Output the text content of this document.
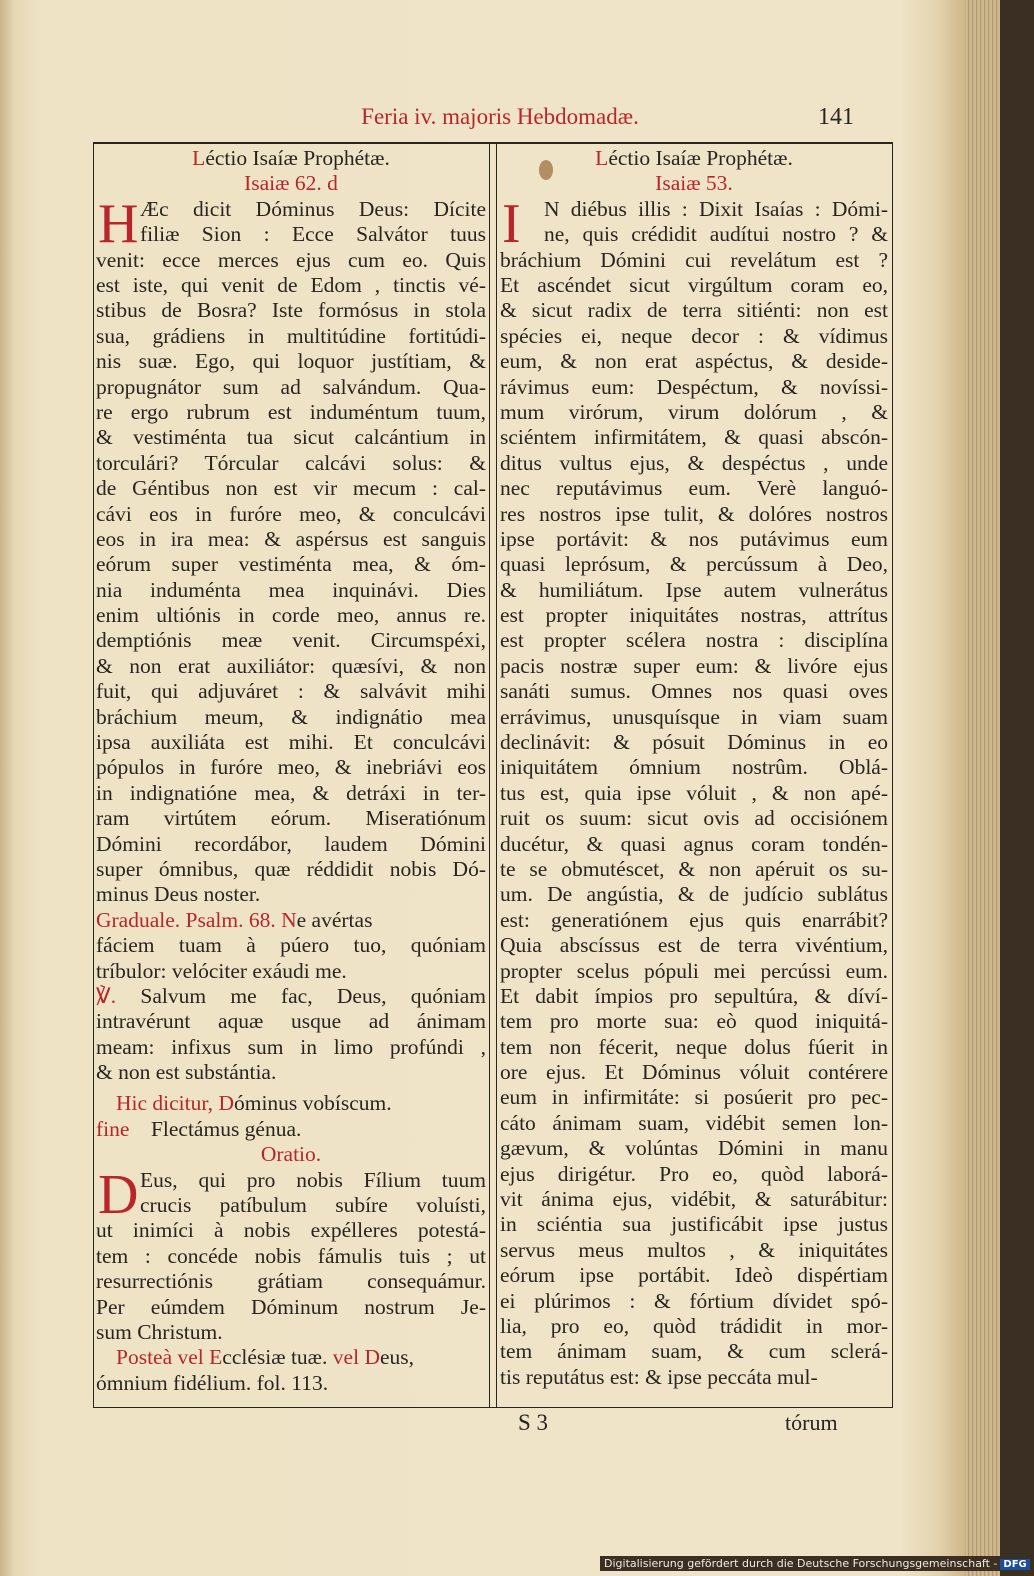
Feria iv. majoris Hebdomadæ.	141
Léctio Isaíæ Prophétæ.
Isaiæ 62. d
H Æc dicit Dóminus Deus: Dícite
filiæ Sion : Ecce Salvátor tuus
venit: ecce merces ejus cum eo. Quis
est iste, qui venit de Edom , tinctis vé-
stibus de Bosra? Iste formósus in stola
sua, grádiens in multitúdine fortitúdi-
nis suæ. Ego, qui loquor justítiam, &
propugnátor sum ad salvándum. Qua-
re ergo rubrum est induméntum tuum,
& vestiménta tua sicut calcántium in
torculári? Tórcular calcávi solus: &
de Géntibus non est vir mecum : cal-
cávi eos in furóre meo, & conculcávi
eos in ira mea: & aspérsus est sanguis
eórum super vestiménta mea, & óm-
nia induménta mea inquinávi. Dies
enim ultiónis in corde meo, annus re.
demptiónis meæ venit. Circumspéxi,
& non erat auxiliátor: quæsívi, & non
fuit, qui adjuváret : & salvávit mihi
bráchium meum, & indignátio mea
ipsa auxiliáta est mihi. Et conculcávi
pópulos in furóre meo, & inebriávi eos
in indignatióne mea, & detráxi in ter-
ram virtútem eórum. Miseratiónum
Dómini recordábor, laudem Dómini
super ómnibus, quæ réddidit nobis Dó-
minus Deus noster.
Graduale. Psalm. 68. Ne avértas
fáciem tuam à púero tuo, quóniam
tríbulor: velóciter exáudi me.
℣. Salvum me fac, Deus, quóniam
intravérunt aquæ usque ad ánimam
meam: infixus sum in limo profúndi ,
& non est substántia.
Hic dicitur, Dóminus vobíscum.
fine Flectámus génua.
Oratio.
D Eus, qui pro nobis Fílium tuum
crucis patíbulum subíre voluísti,
ut inimíci à nobis expélleres potestá-
tem : concéde nobis fámulis tuis ; ut
resurrectiónis grátiam consequámur.
Per eúmdem Dóminum nostrum Je-
sum Christum.
Posteà vel Ecclésiæ tuæ. vel Deus,
ómnium fidélium. fol. 113.
Léctio Isaíæ Prophétæ.
Isaiæ 53.
I	N diébus illis : Dixit Isaías : Dómi-
ne, quis crédidit audítui nostro ? &
bráchium Dómini cui revelátum est ?
Et ascéndet sicut virgúltum coram eo,
& sicut radix de terra sitiénti: non est
spécies ei, neque decor : & vídimus
eum, & non erat aspéctus, & deside-
rávimus eum: Despéctum, & novíssi-
mum virórum, virum dolórum , &
sciéntem infirmitátem, & quasi abscón-
ditus vultus ejus, & despéctus , unde
nec reputávimus eum. Verè languó-
res nostros ipse tulit, & dolóres nostros
ipse portávit: & nos putávimus eum
quasi leprósum, & percússum à Deo,
& humiliátum. Ipse autem vulnerátus
est propter iniquitátes nostras, attrítus
est propter scélera nostra : disciplína
pacis nostræ super eum: & livóre ejus
sanáti sumus. Omnes nos quasi oves
errávimus, unusquísque in viam suam
declinávit: & pósuit Dóminus in eo
iniquitátem ómnium nostrûm. Oblá-
tus est, quia ipse vóluit , & non apé-
ruit os suum: sicut ovis ad occisiónem
ducétur, & quasi agnus coram tondén-
te se obmutéscet, & non apéruit os su-
um. De angústia, & de judício sublátus
est: generatiónem ejus quis enarrábit?
Quia abscíssus est de terra vivéntium,
propter scelus pópuli mei percússi eum.
Et dabit ímpios pro sepultúra, & díví-
tem pro morte sua: eò quod iniquitá-
tem non fécerit, neque dolus fúerit in
ore ejus. Et Dóminus vóluit contérere
eum in infirmitáte: si posúerit pro pec-
cáto ánimam suam, vidébit semen lon-
gævum, & volúntas Dómini in manu
ejus dirigétur. Pro eo, quòd laborá-
vit ánima ejus, vidébit, & saturábitur:
in sciéntia sua justificábit ipse justus
servus meus multos , & iniquitátes
eórum ipse portábit. Ideò dispértiam
ei plúrimos : & fórtium dívidet spó-
lia, pro eo, quòd trádidit in mor-
tem ánimam suam, & cum sclerá-
tis reputátus est: & ipse peccáta mul-
S 3	tórum
Digitalisierung gefördert durch die Deutsche Forschungsgemeinschaft - DFG
